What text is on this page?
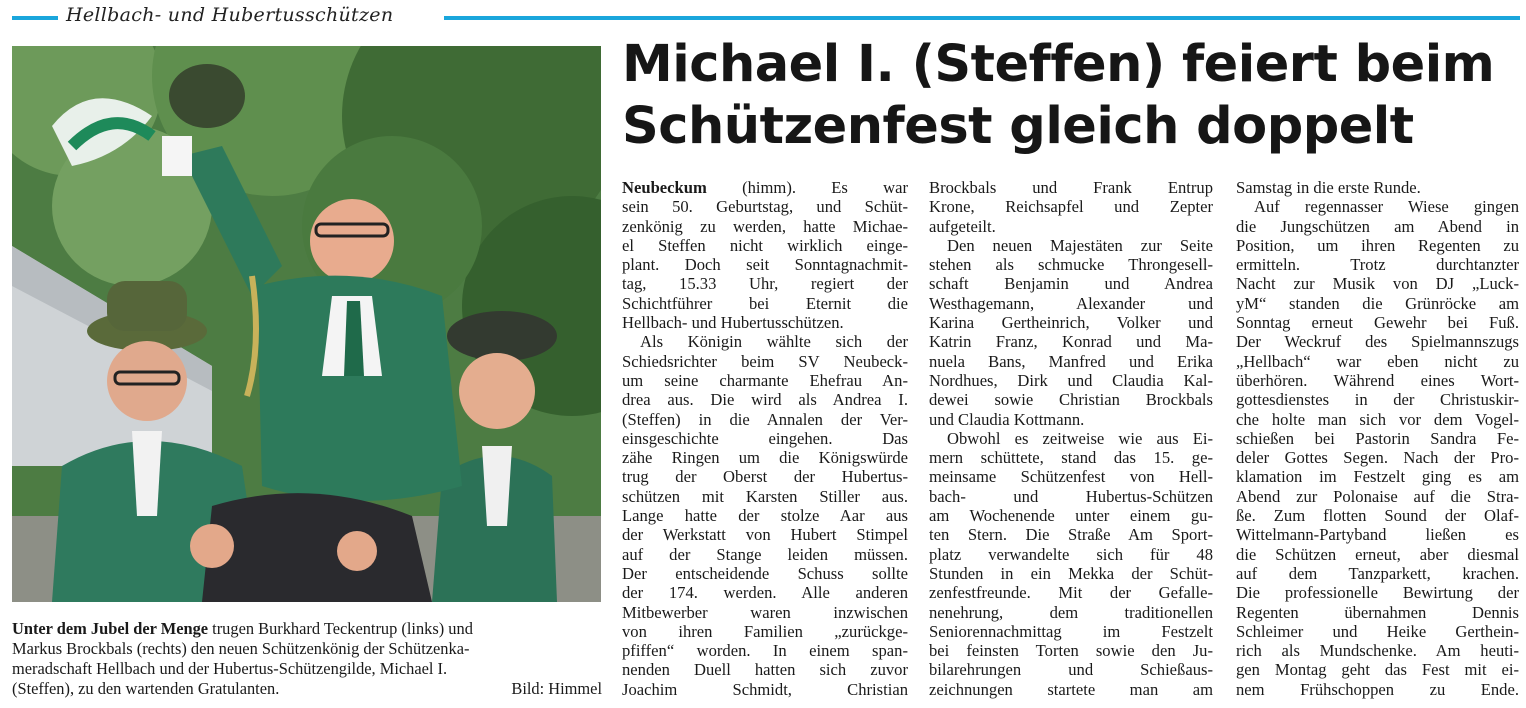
Hellbach- und Hubertusschützen
Michael I. (Steffen) feiert beim
Schützenfest gleich doppelt
Unter dem Jubel der Menge trugen Burkhard Teckentrup (links) und
Markus Brockbals (rechts) den neuen Schützenkönig der Schützenka-
meradschaft Hellbach und der Hubertus-Schützengilde, Michael I.
(Steffen), zu den wartenden Gratulanten.	Bild: Himmel
Neubeckum (himm). Es war
sein 50. Geburtstag, und Schüt-
zenkönig zu werden, hatte Michae-
el Steffen nicht wirklich einge-
plant. Doch seit Sonntagnachmit-
tag, 15.33 Uhr, regiert der
Schichtführer bei Eternit die
Hellbach- und Hubertusschützen.
Als Königin wählte sich der
Schiedsrichter beim SV Neubeck-
um seine charmante Ehefrau An-
drea aus. Die wird als Andrea I.
(Steffen) in die Annalen der Ver-
einsgeschichte eingehen. Das
zähe Ringen um die Königswürde
trug der Oberst der Hubertus-
schützen mit Karsten Stiller aus.
Lange hatte der stolze Aar aus
der Werkstatt von Hubert Stimpel
auf der Stange leiden müssen.
Der entscheidende Schuss sollte
der 174. werden. Alle anderen
Mitbewerber waren inzwischen
von ihren Familien „zurückge-
pfiffen“ worden. In einem span-
nenden Duell hatten sich zuvor
Joachim Schmidt, Christian
Brockbals und Frank Entrup
Krone, Reichsapfel und Zepter
aufgeteilt.
Den neuen Majestäten zur Seite
stehen als schmucke Throngesell-
schaft Benjamin und Andrea
Westhagemann, Alexander und
Karina Gertheinrich, Volker und
Katrin Franz, Konrad und Ma-
nuela Bans, Manfred und Erika
Nordhues, Dirk und Claudia Kal-
dewei sowie Christian Brockbals
und Claudia Kottmann.
Obwohl es zeitweise wie aus Ei-
mern schüttete, stand das 15. ge-
meinsame Schützenfest von Hell-
bach- und Hubertus-Schützen
am Wochenende unter einem gu-
ten Stern. Die Straße Am Sport-
platz verwandelte sich für 48
Stunden in ein Mekka der Schüt-
zenfestfreunde. Mit der Gefalle-
nenehrung, dem traditionellen
Seniorennachmittag im Festzelt
bei feinsten Torten sowie den Ju-
bilarehrungen und Schießaus-
zeichnungen startete man am
Samstag in die erste Runde.
Auf regennasser Wiese gingen
die Jungschützen am Abend in
Position, um ihren Regenten zu
ermitteln. Trotz durchtanzter
Nacht zur Musik von DJ „Luck-
yM“ standen die Grünröcke am
Sonntag erneut Gewehr bei Fuß.
Der Weckruf des Spielmannszugs
„Hellbach“ war eben nicht zu
überhören. Während eines Wort-
gottesdienstes in der Christuskir-
che holte man sich vor dem Vogel-
schießen bei Pastorin Sandra Fe-
deler Gottes Segen. Nach der Pro-
klamation im Festzelt ging es am
Abend zur Polonaise auf die Stra-
ße. Zum flotten Sound der Olaf-
Wittelmann-Partyband ließen es
die Schützen erneut, aber diesmal
auf dem Tanzparkett, krachen.
Die professionelle Bewirtung der
Regenten übernahmen Dennis
Schleimer und Heike Gerthein-
rich als Mundschenke. Am heuti-
gen Montag geht das Fest mit ei-
nem Frühschoppen zu Ende.
